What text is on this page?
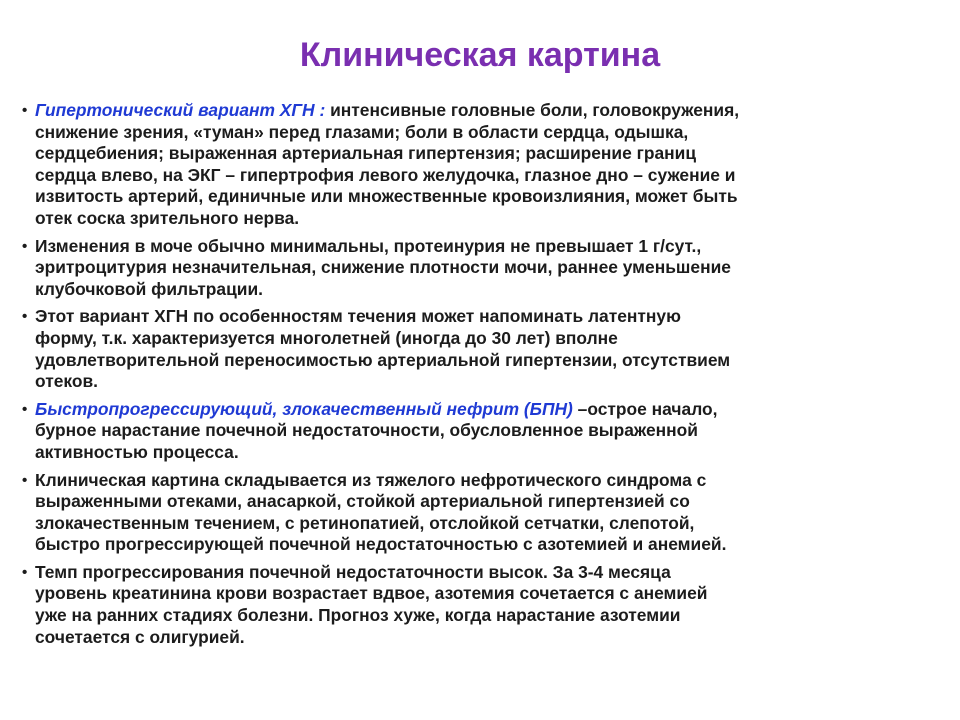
Клиническая картина
• Гипертонический вариант ХГН : интенсивные головные боли, головокружения,
снижение зрения, «туман» перед глазами; боли в области сердца, одышка,
сердцебиения; выраженная артериальная гипертензия; расширение границ
сердца влево, на ЭКГ – гипертрофия левого желудочка, глазное дно – сужение и
извитость артерий, единичные или множественные кровоизлияния, может быть
отек соска зрительного нерва.
• Изменения в моче обычно минимальны, протеинурия не превышает 1 г/сут.,
эритроцитурия незначительная, снижение плотности мочи, раннее уменьшение
клубочковой фильтрации.
• Этот вариант ХГН по особенностям течения может напоминать латентную
форму, т.к. характеризуется многолетней (иногда до 30 лет) вполне
удовлетворительной переносимостью артериальной гипертензии, отсутствием
отеков.
• Быстропрогрессирующий, злокачественный нефрит (БПН) –острое начало,
бурное нарастание почечной недостаточности, обусловленное выраженной
активностью процесса.
• Клиническая картина складывается из тяжелого нефротического синдрома с
выраженными отеками, анасаркой, стойкой артериальной гипертензией со
злокачественным течением, с ретинопатией, отслойкой сетчатки, слепотой,
быстро прогрессирующей почечной недостаточностью с азотемией и анемией.
• Темп прогрессирования почечной недостаточности высок. За 3-4 месяца
уровень креатинина крови возрастает вдвое, азотемия сочетается с анемией
уже на ранних стадиях болезни. Прогноз хуже, когда нарастание азотемии
сочетается с олигурией.
